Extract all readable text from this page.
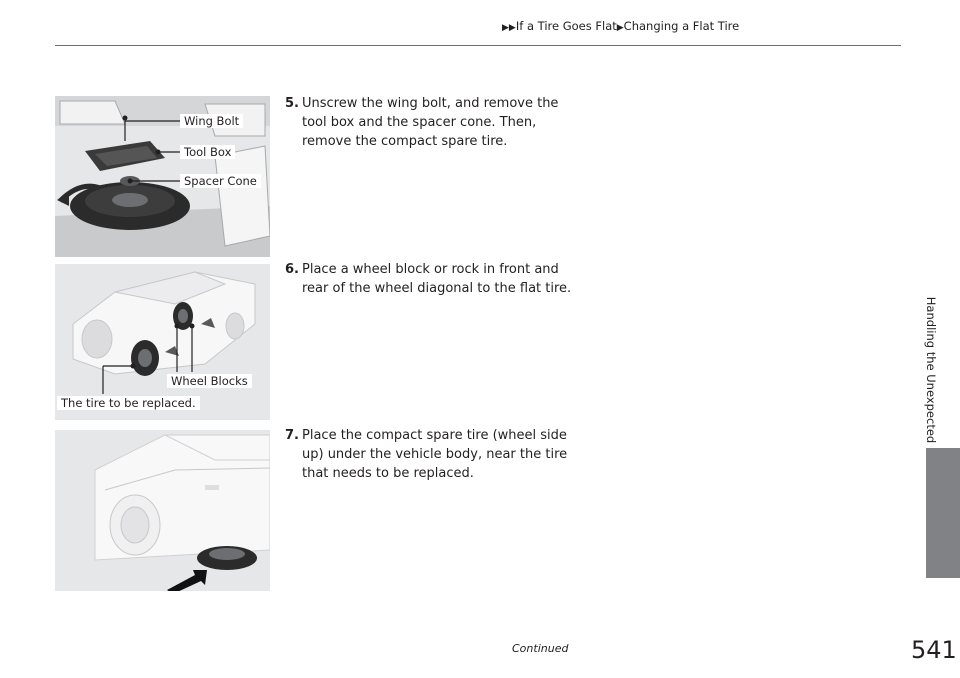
▶▶If a Tire Goes Flat▶Changing a Flat Tire
Handling the Unexpected
Wing Bolt
Tool Box
Spacer Cone
Wheel Blocks
The tire to be replaced.
5. Unscrew the wing bolt, and remove the tool box and the spacer cone. Then, remove the compact spare tire.
6. Place a wheel block or rock in front and rear of the wheel diagonal to the flat tire.
7. Place the compact spare tire (wheel side up) under the vehicle body, near the tire that needs to be replaced.
Continued	541
